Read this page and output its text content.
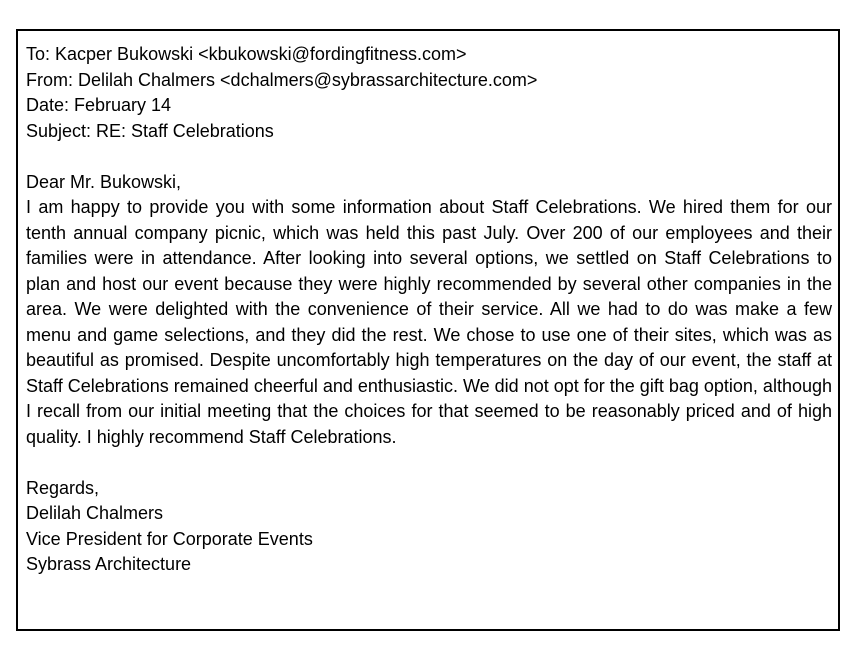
To: Kacper Bukowski <kbukowski@fordingfitness.com>
From: Delilah Chalmers <dchalmers@sybrassarchitecture.com>
Date: February 14
Subject: RE: Staff Celebrations
Dear Mr. Bukowski,

I am happy to provide you with some information about Staff Celebrations. We hired them for our tenth annual company picnic, which was held this past July. Over 200 of our employees and their families were in attendance. After looking into several options, we settled on Staff Celebrations to plan and host our event because they were highly recommended by several other companies in the area. We were delighted with the convenience of their service. All we had to do was make a few menu and game selections, and they did the rest. We chose to use one of their sites, which was as beautiful as promised. Despite uncomfortably high temperatures on the day of our event, the staff at Staff Celebrations remained cheerful and enthusiastic. We did not opt for the gift bag option, although I recall from our initial meeting that the choices for that seemed to be reasonably priced and of high quality. I highly recommend Staff Celebrations.

Regards,
Delilah Chalmers
Vice President for Corporate Events
Sybrass Architecture
